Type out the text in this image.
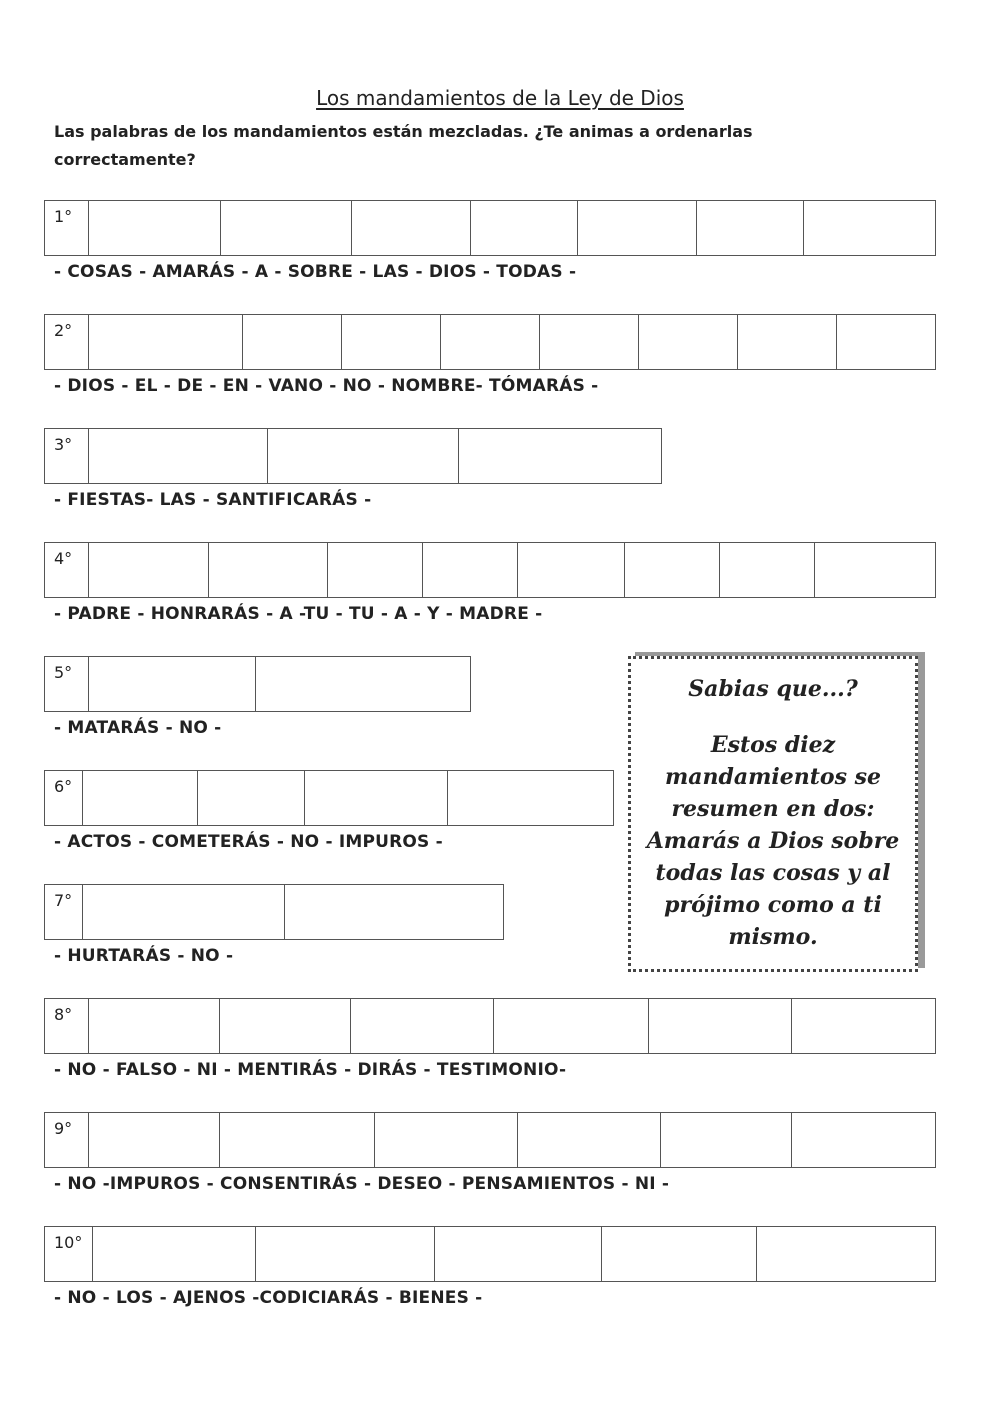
Los mandamientos de la Ley de Dios
Las palabras de los mandamientos están mezcladas. ¿Te animas a ordenarlas
correctamente?
1°
- COSAS - AMARÁS - A - SOBRE - LAS - DIOS - TODAS -
2°
- DIOS - EL - DE - EN - VANO - NO - NOMBRE- TÓMARÁS -
3°
- FIESTAS- LAS - SANTIFICARÁS -
4°
- PADRE - HONRARÁS - A -TU - TU - A - Y - MADRE -
5°
- MATARÁS - NO -
6°
- ACTOS - COMETERÁS - NO - IMPUROS -
7°
- HURTARÁS - NO -
Sabias que...?
Estos diez mandamientos se resumen en dos: Amarás a Dios sobre todas las cosas y al prójimo como a ti mismo.
8°
- NO - FALSO - NI - MENTIRÁS - DIRÁS - TESTIMONIO-
9°
- NO -IMPUROS - CONSENTIRÁS - DESEO - PENSAMIENTOS - NI -
10°
- NO - LOS - AJENOS -CODICIARÁS - BIENES -
